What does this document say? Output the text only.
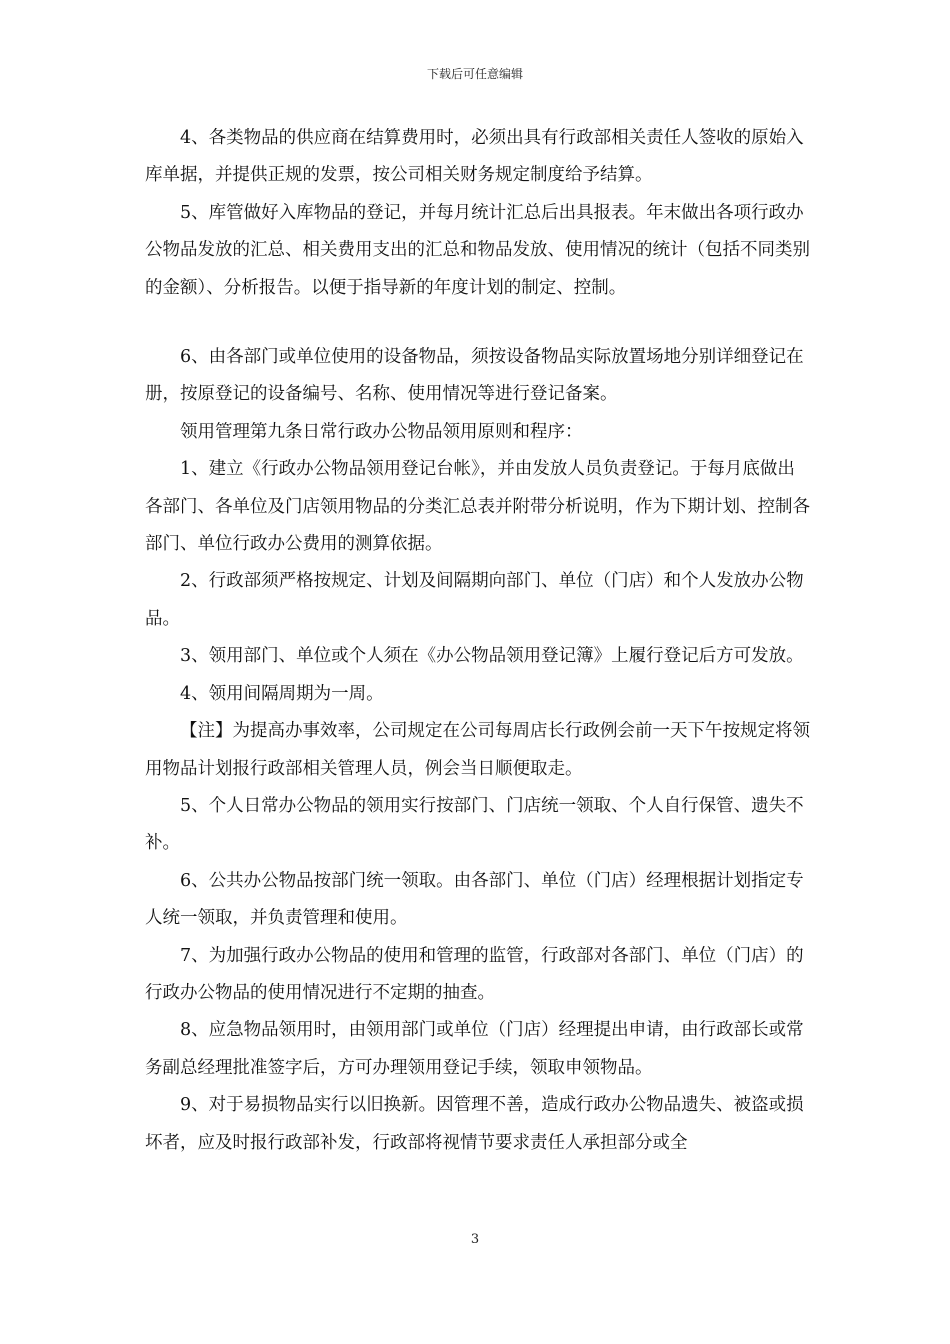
下载后可任意编辑

4、各类物品的供应商在结算费用时，必须出具有行政部相关责任人签收的原始入库单据，并提供正规的发票，按公司相关财务规定制度给予结算。

5、库管做好入库物品的登记，并每月统计汇总后出具报表。年末做出各项行政办公物品发放的汇总、相关费用支出的汇总和物品发放、使用情况的统计（包括不同类别的金额）、分析报告。以便于指导新的年度计划的制定、控制。

6、由各部门或单位使用的设备物品，须按设备物品实际放置场地分别详细登记在册，按原登记的设备编号、名称、使用情况等进行登记备案。

领用管理第九条日常行政办公物品领用原则和程序：

1、建立《行政办公物品领用登记台帐》，并由发放人员负责登记。于每月底做出各部门、各单位及门店领用物品的分类汇总表并附带分析说明，作为下期计划、控制各部门、单位行政办公费用的测算依据。

2、行政部须严格按规定、计划及间隔期向部门、单位（门店）和个人发放办公物品。

3、领用部门、单位或个人须在《办公物品领用登记簿》上履行登记后方可发放。

4、领用间隔周期为一周。

【注】为提高办事效率，公司规定在公司每周店长行政例会前一天下午按规定将领用物品计划报行政部相关管理人员，例会当日顺便取走。

5、个人日常办公物品的领用实行按部门、门店统一领取、个人自行保管、遗失不补。

6、公共办公物品按部门统一领取。由各部门、单位（门店）经理根据计划指定专人统一领取，并负责管理和使用。

7、为加强行政办公物品的使用和管理的监管，行政部对各部门、单位（门店）的行政办公物品的使用情况进行不定期的抽查。

8、应急物品领用时，由领用部门或单位（门店）经理提出申请，由行政部长或常务副总经理批准签字后，方可办理领用登记手续，领取申领物品。

9、对于易损物品实行以旧换新。因管理不善，造成行政办公物品遗失、被盗或损坏者，应及时报行政部补发，行政部将视情节要求责任人承担部分或全

3
